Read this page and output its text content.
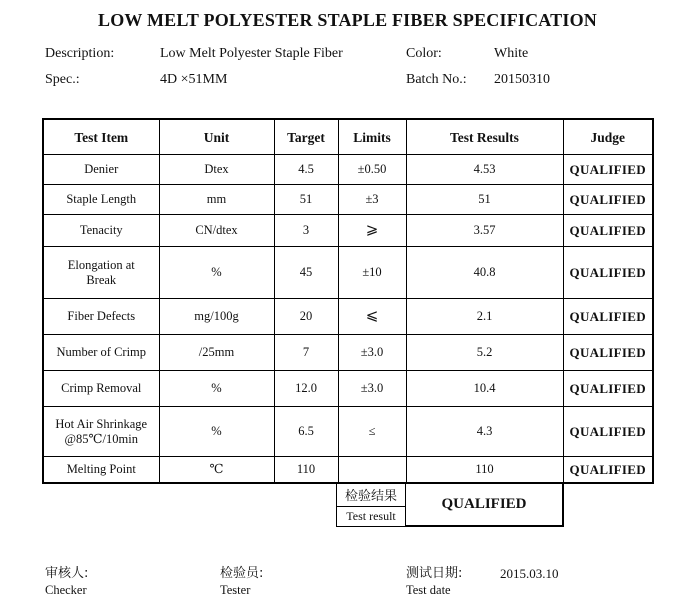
LOW MELT POLYESTER STAPLE FIBER SPECIFICATION
Description:	Low Melt Polyester Staple Fiber	Color:	White
Spec.:	4D ×51MM	Batch No.: 20150310
Test Item	Unit	Target	Limits	Test Results	Judge
Denier	Dtex	4.5	±0.50	4.53	QUALIFIED
Staple Length	mm	51	±3	51	QUALIFIED
Tenacity	CN/dtex	3	⩾	3.57	QUALIFIED
Elongation at
Break	%	45	±10	40.8	QUALIFIED
Fiber Defects	mg/100g	20	⩽	2.1	QUALIFIED
Number of Crimp	/25mm	7	±3.0	5.2	QUALIFIED
Crimp Removal	%	12.0	±3.0	10.4	QUALIFIED
Hot Air Shrinkage
@85℃/10min	%	6.5	≤	4.3	QUALIFIED
Melting Point	℃	110		110	QUALIFIED
检验结果	QUALIFIED
Test result
审核人:
Checker
检验员:
Tester
测试日期:
Test date
2015.03.10
